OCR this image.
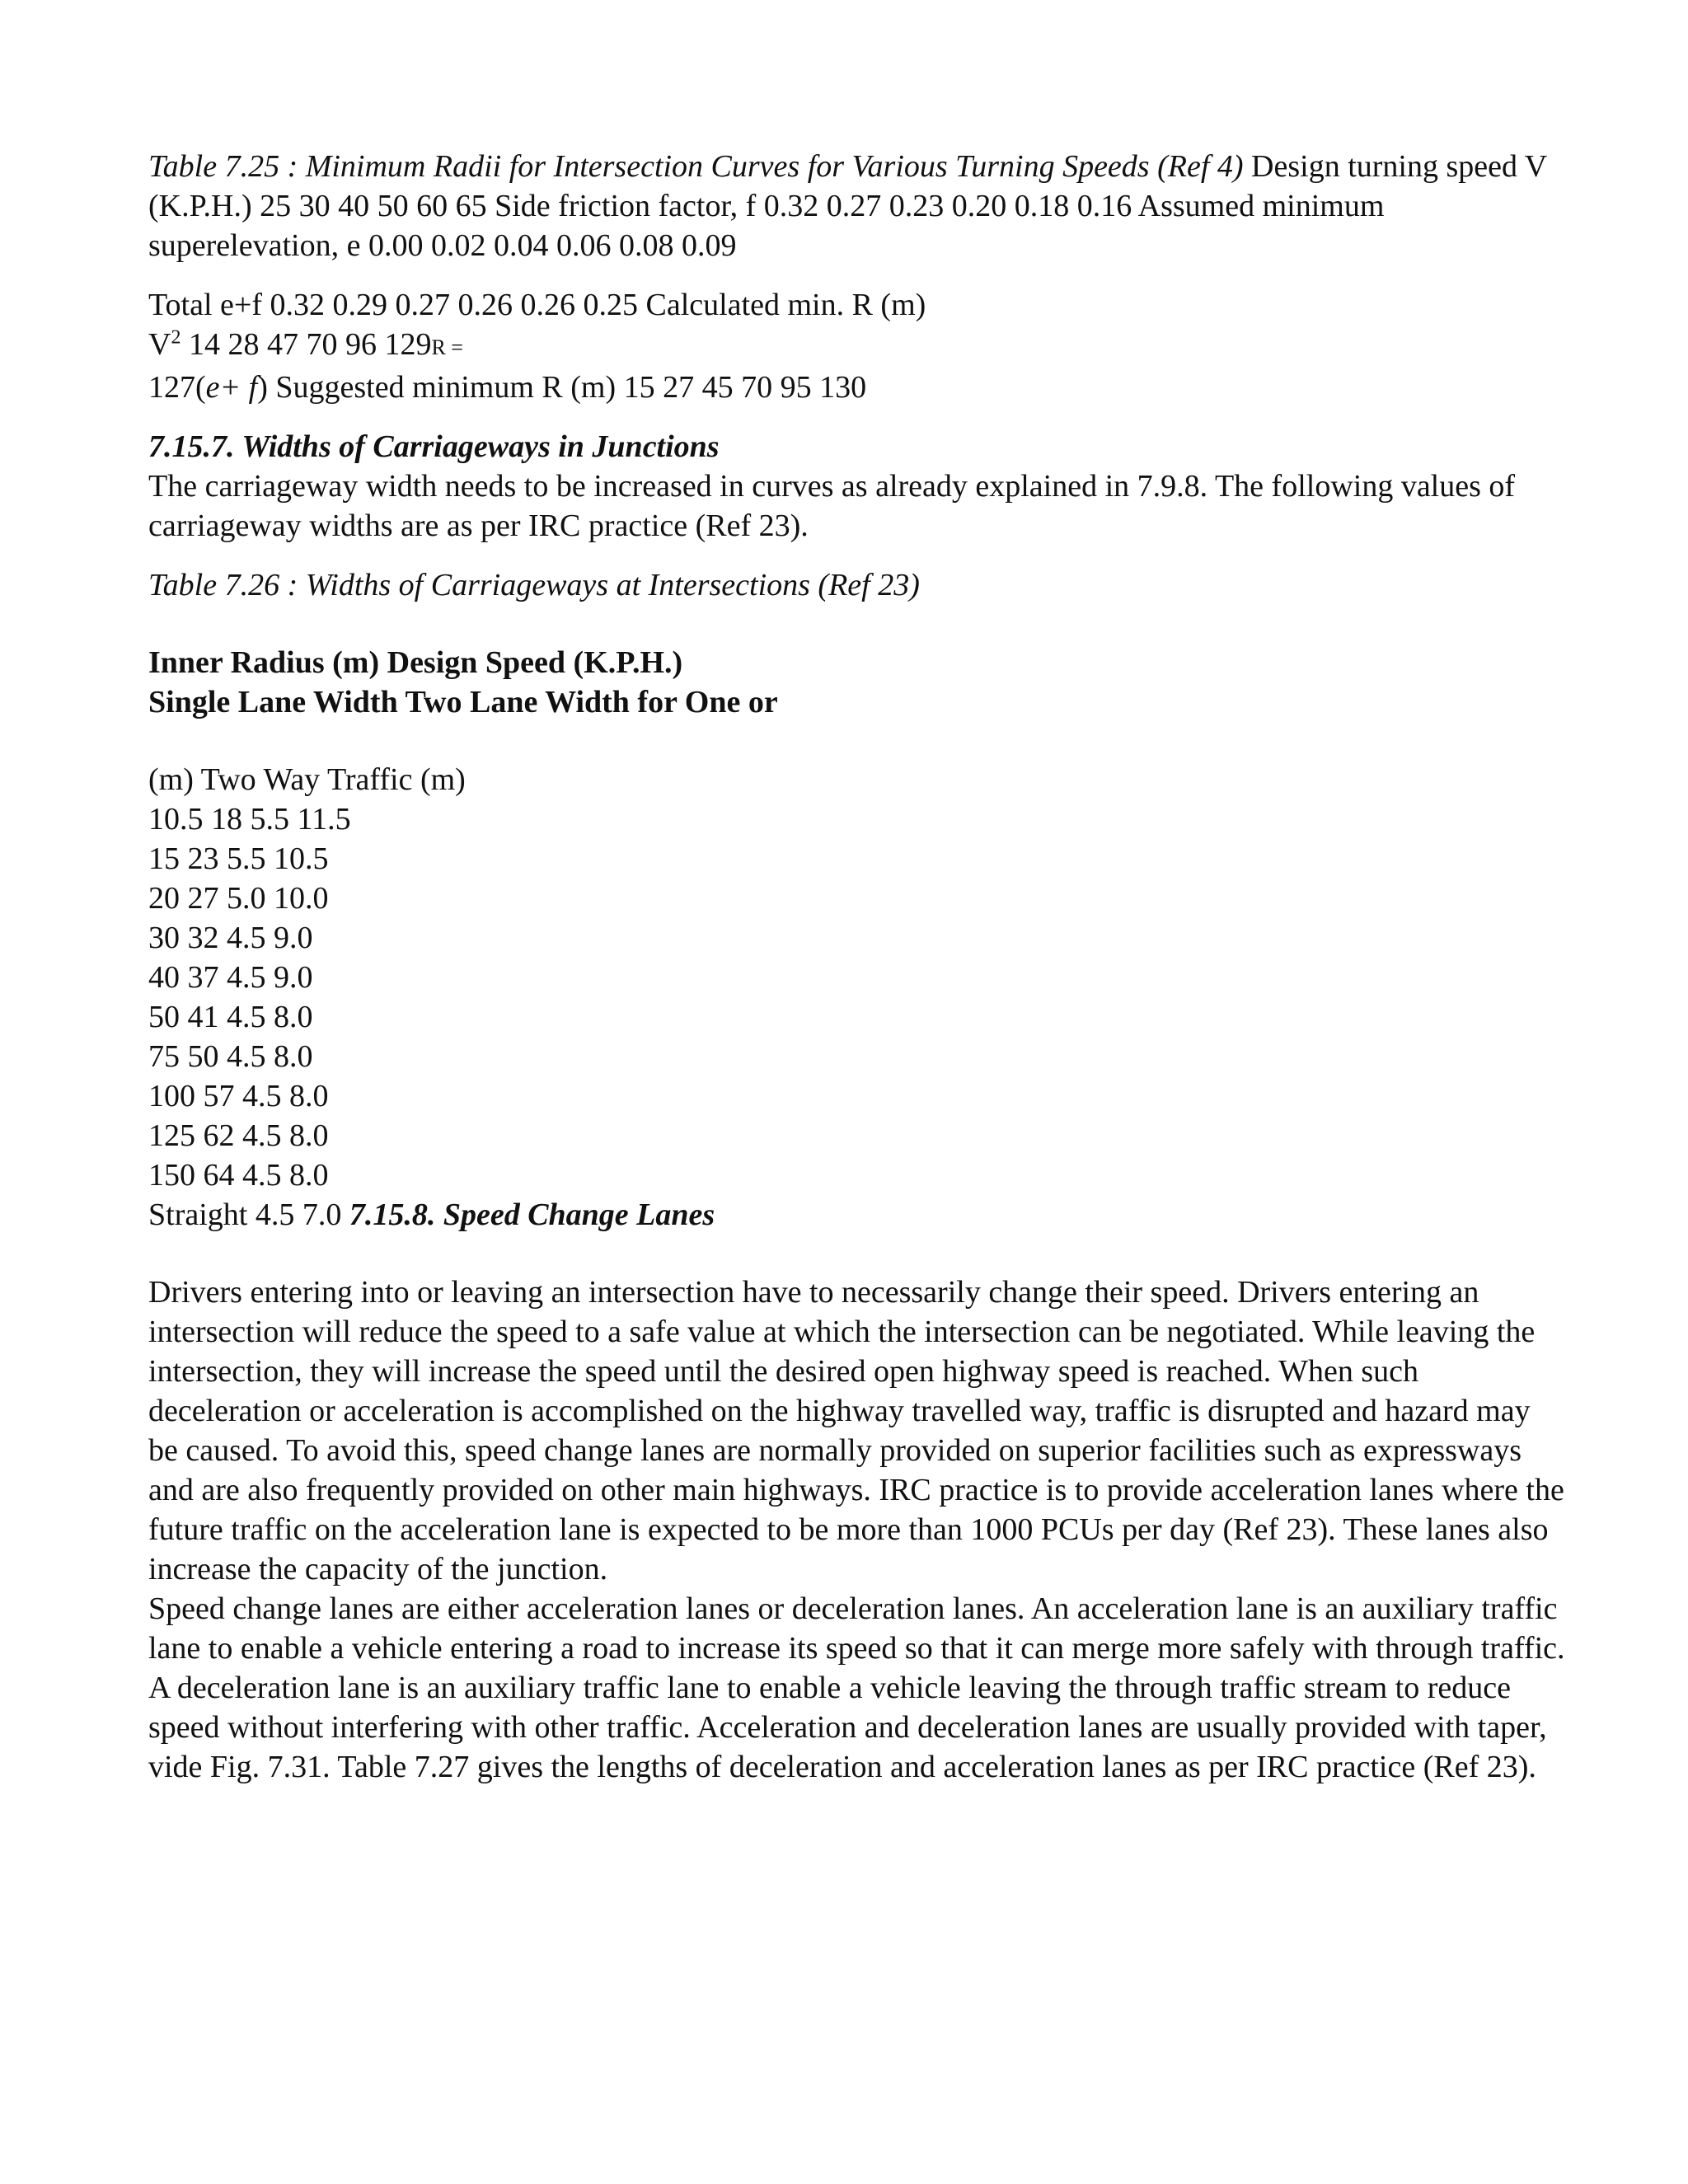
Table 7.25 : Minimum Radii for Intersection Curves for Various Turning Speeds (Ref 4) Design turning speed V (K.P.H.) 25 30 40 50 60 65 Side friction factor, f 0.32 0.27 0.23 0.20 0.18 0.16 Assumed minimum superelevation, e 0.00 0.02 0.04 0.06 0.08 0.09

Total e+f 0.32 0.29 0.27 0.26 0.26 0.25 Calculated min. R (m)

$V^2$ 14 28 47 70 96 129R =

127(e+ f) Suggested minimum R (m) 15 27 45 70 95 130

7.15.7. Widths of Carriageways in Junctions

The carriageway width needs to be increased in curves as already explained in 7.9.8. The following values of carriageway widths are as per IRC practice (Ref 23).

Table 7.26 : Widths of Carriageways at Intersections (Ref 23)

Inner Radius (m) Design Speed (K.P.H.)

Single Lane Width Two Lane Width for One or

(m) Two Way Traffic (m)

10.5 18 5.5 11.5
15 23 5.5 10.5
20 27 5.0 10.0
30 32 4.5 9.0
40 37 4.5 9.0
50 41 4.5 8.0
75 50 4.5 8.0
100 57 4.5 8.0
125 62 4.5 8.0
150 64 4.5 8.0
Straight 4.5 7.0 7.15.8. Speed Change Lanes

Drivers entering into or leaving an intersection have to necessarily change their speed. Drivers entering an intersection will reduce the speed to a safe value at which the intersection can be negotiated. While leaving the intersection, they will increase the speed until the desired open highway speed is reached. When such deceleration or acceleration is accomplished on the highway travelled way, traffic is disrupted and hazard may be caused. To avoid this, speed change lanes are normally provided on superior facilities such as expressways and are also frequently provided on other main highways. IRC practice is to provide acceleration lanes where the future traffic on the acceleration lane is expected to be more than 1000 PCUs per day (Ref 23). These lanes also increase the capacity of the junction.

Speed change lanes are either acceleration lanes or deceleration lanes. An acceleration lane is an auxiliary traffic lane to enable a vehicle entering a road to increase its speed so that it can merge more safely with through traffic. A deceleration lane is an auxiliary traffic lane to enable a vehicle leaving the through traffic stream to reduce speed without interfering with other traffic. Acceleration and deceleration lanes are usually provided with taper, vide Fig. 7.31. Table 7.27 gives the lengths of deceleration and acceleration lanes as per IRC practice (Ref 23).
